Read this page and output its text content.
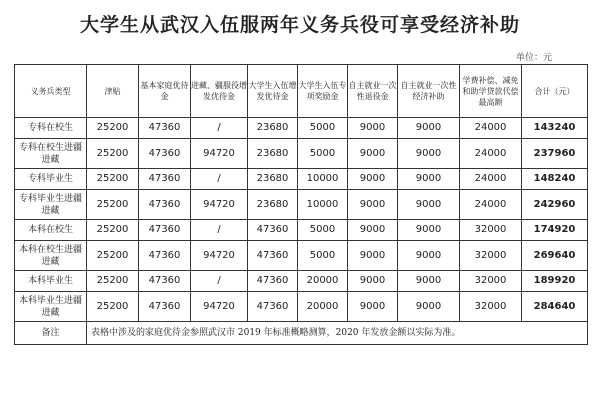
大学生从武汉入伍服两年义务兵役可享受经济补助
单位：元
义务兵类型	津贴	基本家庭优待金	进藏、疆服役增发优待金	大学生入伍增发优待金	大学生入伍专项奖励金	自主就业一次性退役金	自主就业一次性经济补助	学费补偿、减免和助学贷款代偿最高额	合计（元）
专科在校生	25200	47360	/	23680	5000	9000	9000	24000	143240
专科在校生进疆进藏	25200	47360	94720	23680	5000	9000	9000	24000	237960
专科毕业生	25200	47360	/	23680	10000	9000	9000	24000	148240
专科毕业生进疆进藏	25200	47360	94720	23680	10000	9000	9000	24000	242960
本科在校生	25200	47360	/	47360	5000	9000	9000	32000	174920
本科在校生进疆进藏	25200	47360	94720	47360	5000	9000	9000	32000	269640
本科毕业生	25200	47360	/	47360	20000	9000	9000	32000	189920
本科毕业生进疆进藏	25200	47360	94720	47360	20000	9000	9000	32000	284640
备注	表格中涉及的家庭优待金参照武汉市 2019 年标准概略测算，2020 年发放金额以实际为准。								
